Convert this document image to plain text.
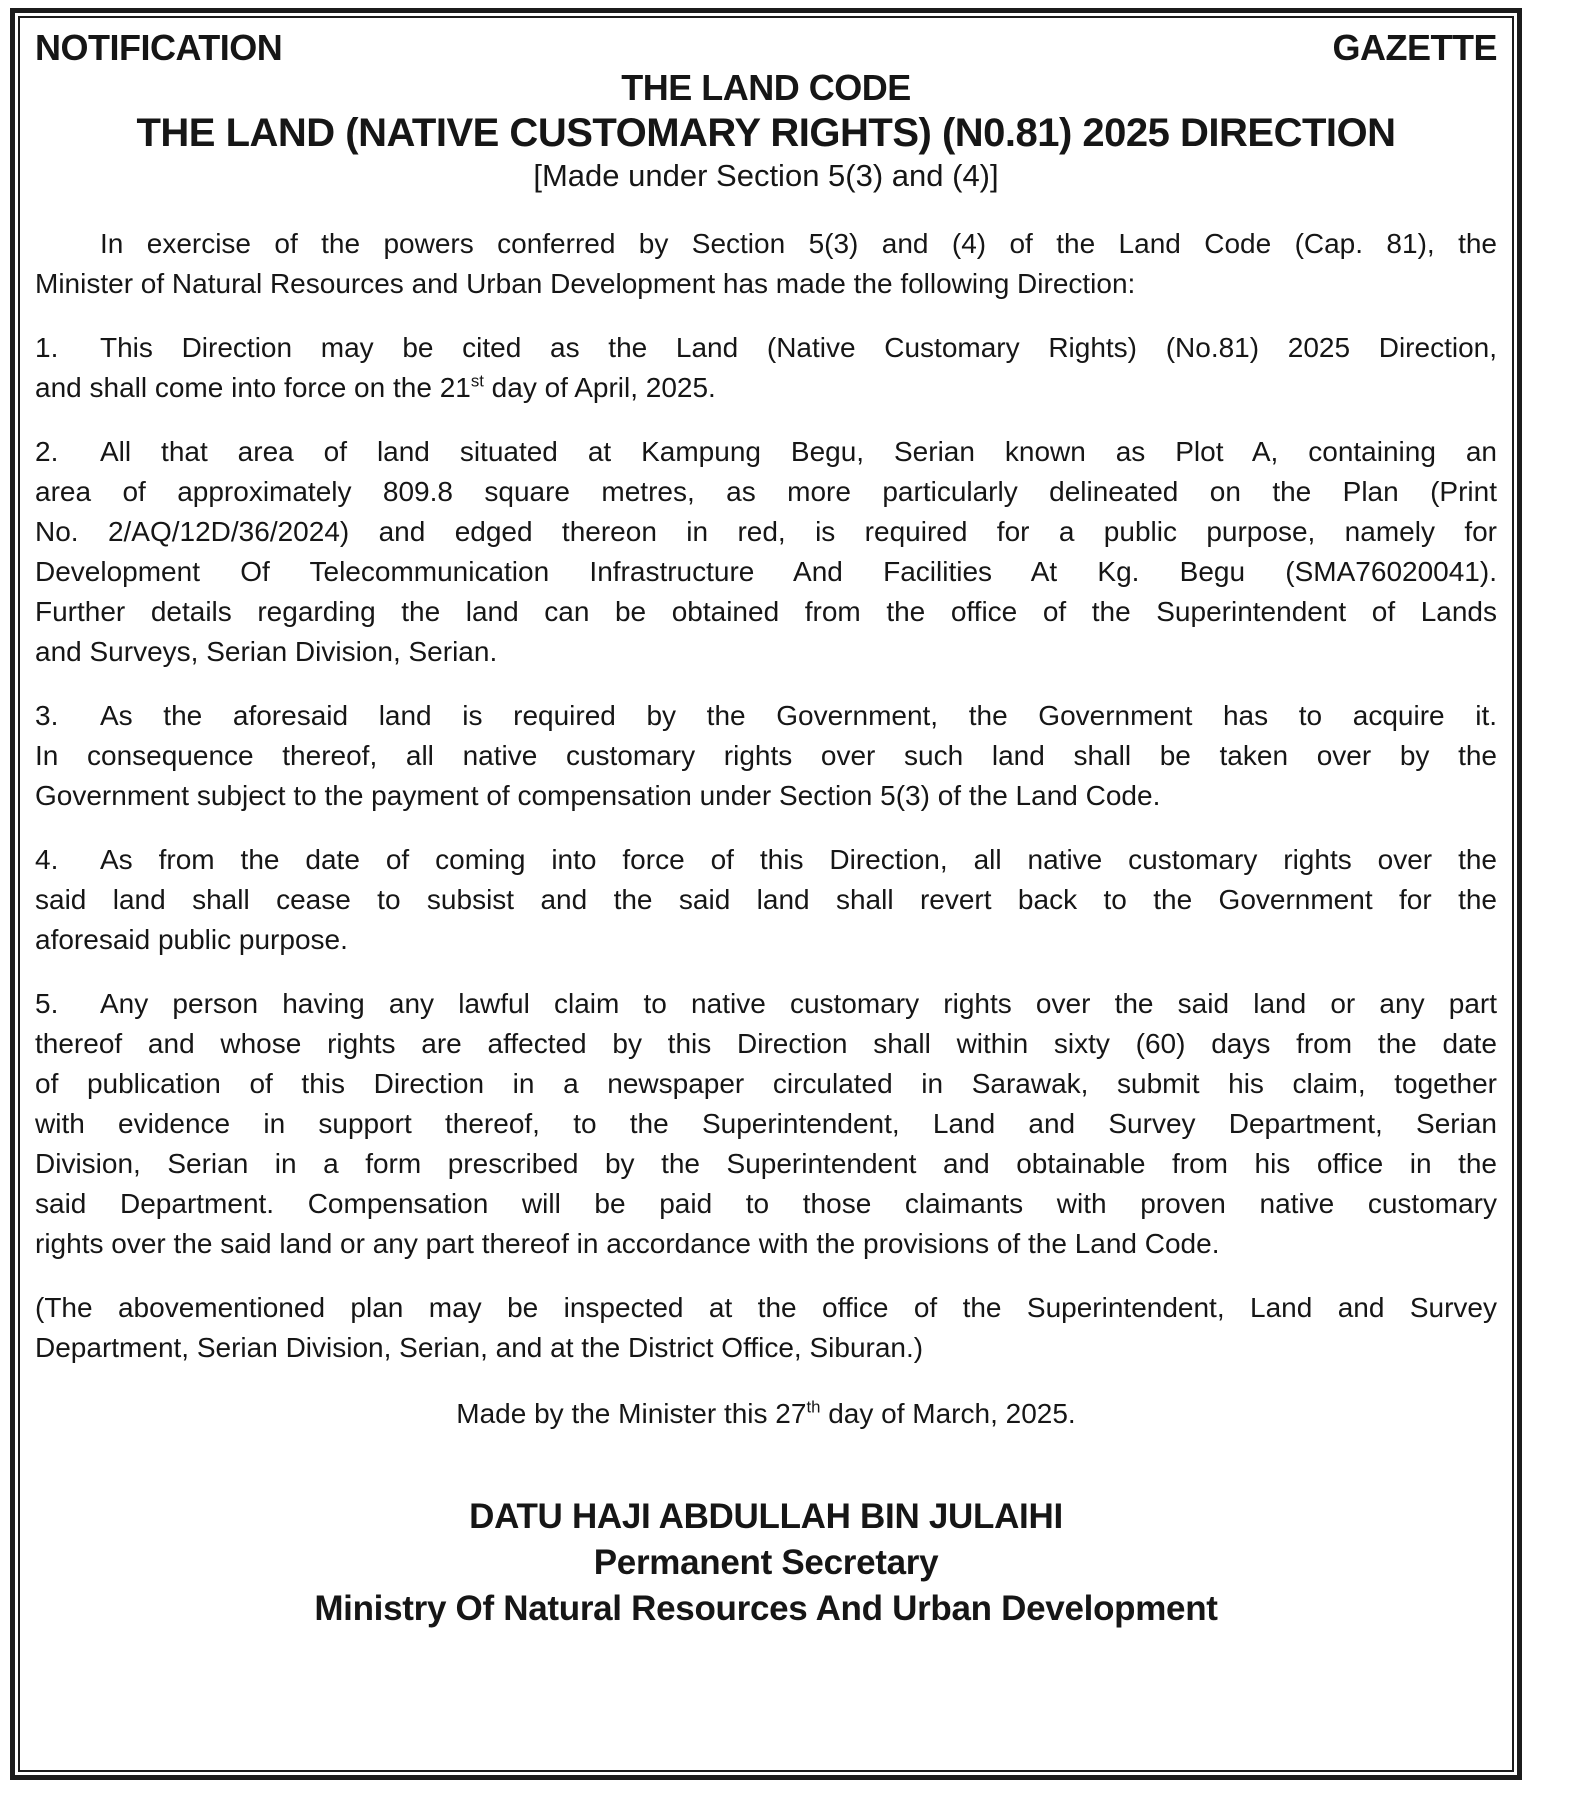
NOTIFICATION	GAZETTE
THE LAND CODE
THE LAND (NATIVE CUSTOMARY RIGHTS) (N0.81) 2025 DIRECTION
[Made under Section 5(3) and (4)]
In exercise of the powers conferred by Section 5(3) and (4) of the Land Code (Cap. 81), the
Minister of Natural Resources and Urban Development has made the following Direction:
1. This Direction may be cited as the Land (Native Customary Rights) (No.81) 2025 Direction,
and shall come into force on the 21st day of April, 2025.
2. All that area of land situated at Kampung Begu, Serian known as Plot A, containing an
area of approximately 809.8 square metres, as more particularly delineated on the Plan (Print
No. 2/AQ/12D/36/2024) and edged thereon in red, is required for a public purpose, namely for
Development Of Telecommunication Infrastructure And Facilities At Kg. Begu (SMA76020041).
Further details regarding the land can be obtained from the office of the Superintendent of Lands
and Surveys, Serian Division, Serian.
3. As the aforesaid land is required by the Government, the Government has to acquire it.
In consequence thereof, all native customary rights over such land shall be taken over by the
Government subject to the payment of compensation under Section 5(3) of the Land Code.
4. As from the date of coming into force of this Direction, all native customary rights over the
said land shall cease to subsist and the said land shall revert back to the Government for the
aforesaid public purpose.
5. Any person having any lawful claim to native customary rights over the said land or any part
thereof and whose rights are affected by this Direction shall within sixty (60) days from the date
of publication of this Direction in a newspaper circulated in Sarawak, submit his claim, together
with evidence in support thereof, to the Superintendent, Land and Survey Department, Serian
Division, Serian in a form prescribed by the Superintendent and obtainable from his office in the
said Department. Compensation will be paid to those claimants with proven native customary
rights over the said land or any part thereof in accordance with the provisions of the Land Code.
(The abovementioned plan may be inspected at the office of the Superintendent, Land and Survey
Department, Serian Division, Serian, and at the District Office, Siburan.)
Made by the Minister this 27th day of March, 2025.
DATU HAJI ABDULLAH BIN JULAIHI
Permanent Secretary
Ministry Of Natural Resources And Urban Development
